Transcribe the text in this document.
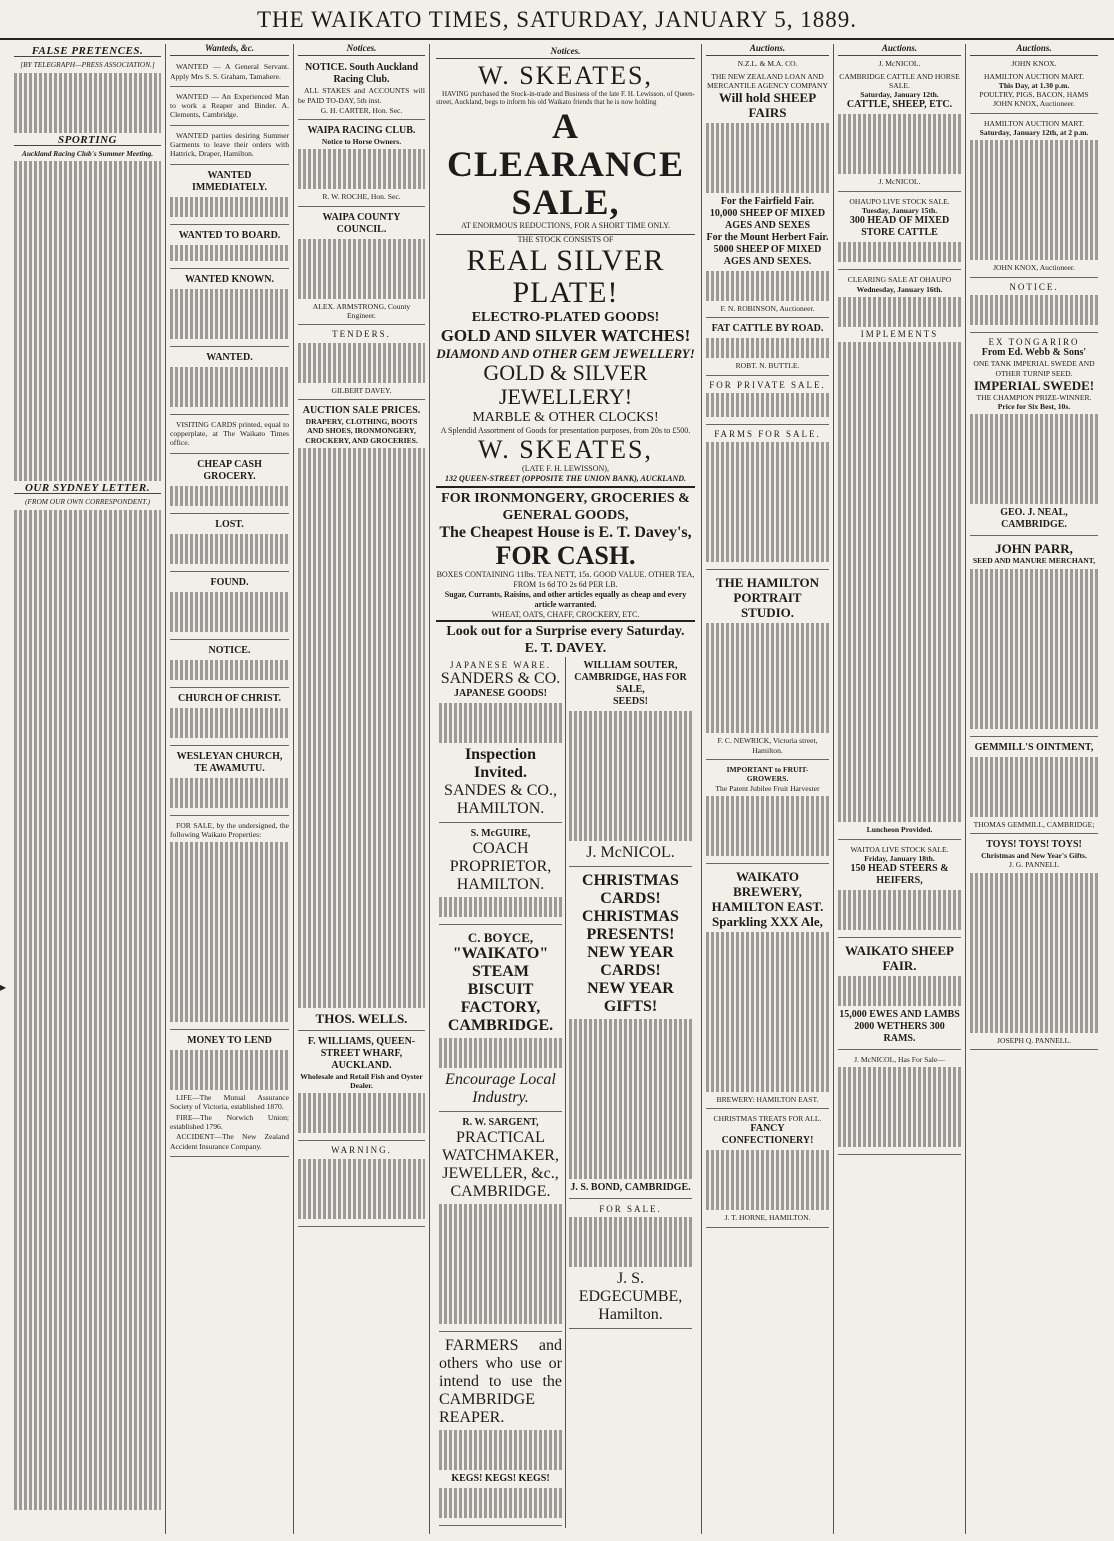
THE WAIKATO TIMES, SATURDAY, JANUARY 5, 1889.
FALSE PRETENCES.
[BY TELEGRAPH—PRESS ASSOCIATION.]
SPORTING
Auckland Racing Club's Summer Meeting.
OUR SYDNEY LETTER.
(FROM OUR OWN CORRESPONDENT.)
Wanteds, &c.
WANTED — A General Servant. Apply Mrs S. S. Graham, Tamahere.
WANTED — An Experienced Man to work a Reaper and Binder. A. Clements, Cambridge.
WANTED parties desiring Summer Garments to leave their orders with Hattrick, Draper, Hamilton.
WANTED IMMEDIATELY.
WANTED TO BOARD.
WANTED KNOWN.
WANTED.
VISITING CARDS printed, equal to copperplate, at The Waikato Times office.
CHEAP CASH GROCERY.
LOST.
FOUND.
NOTICE.
CHURCH OF CHRIST.
WESLEYAN CHURCH, TE AWAMUTU.
FOR SALE, by the undersigned, the following Waikato Properties:
MONEY TO LEND
LIFE—The Mutual Assurance Society of Victoria, established 1870.
FIRE—The Norwich Union; established 1796.
ACCIDENT—The New Zealand Accident Insurance Company.
Notices.
NOTICE. South Auckland Racing Club.
ALL STAKES and ACCOUNTS will be PAID TO-DAY, 5th inst.
G. H. CARTER, Hon. Sec.
WAIPA RACING CLUB.
Notice to Horse Owners.
R. W. ROCHE, Hon. Sec.
WAIPA COUNTY COUNCIL.
ALEX. ARMSTRONG, County Engineer.
TENDERS.
GILBERT DAVEY.
AUCTION SALE PRICES.
DRAPERY, CLOTHING, BOOTS AND SHOES, IRONMONGERY, CROCKERY, AND GROCERIES.
THOS. WELLS.
F. WILLIAMS, QUEEN-STREET WHARF, AUCKLAND.
Wholesale and Retail Fish and Oyster Dealer.
WARNING.
Notices.
W. SKEATES,
HAVING purchased the Stock-in-trade and Business of the late F. H. Lewisson, of Queen-street, Auckland, begs to inform his old Waikato friends that he is now holding
A CLEARANCE SALE,
AT ENORMOUS REDUCTIONS, FOR A SHORT TIME ONLY.
THE STOCK CONSISTS OF
REAL SILVER PLATE!
ELECTRO-PLATED GOODS!
GOLD AND SILVER WATCHES!
DIAMOND AND OTHER GEM JEWELLERY!
GOLD & SILVER JEWELLERY!
MARBLE & OTHER CLOCKS!
A Splendid Assortment of Goods for presentation purposes, from 20s to £500.
W. SKEATES,
(LATE F. H. LEWISSON),
132 QUEEN-STREET (OPPOSITE THE UNION BANK), AUCKLAND.
FOR IRONMONGERY, GROCERIES & GENERAL GOODS,
The Cheapest House is E. T. Davey's,
FOR CASH.
BOXES CONTAINING 11lbs. TEA NETT, 15s. GOOD VALUE. OTHER TEA, FROM 1s 6d TO 2s 6d PER LB.
Sugar, Currants, Raisins, and other articles equally as cheap and every article warranted.
WHEAT, OATS, CHAFF, CROCKERY, ETC.
Look out for a Surprise every Saturday.
E. T. DAVEY.
JAPANESE WARE.
SANDERS & CO.
JAPANESE GOODS!
Inspection Invited.
SANDES & CO., HAMILTON.
S. McGUIRE,
COACH PROPRIETOR,
HAMILTON.
C. BOYCE,
"WAIKATO" STEAM BISCUIT FACTORY, CAMBRIDGE.
Encourage Local Industry.
R. W. SARGENT,
PRACTICAL WATCHMAKER, JEWELLER, &c., CAMBRIDGE.
FARMERS and others who use or intend to use the CAMBRIDGE REAPER.
KEGS! KEGS! KEGS!
WILLIAM SOUTER, CAMBRIDGE, HAS FOR SALE,
SEEDS!
J. McNICOL.
CHRISTMAS CARDS!
CHRISTMAS PRESENTS!
NEW YEAR CARDS!
NEW YEAR GIFTS!
J. S. BOND, CAMBRIDGE.
FOR SALE.
J. S. EDGECUMBE, Hamilton.
Auctions.
N.Z.L. & M.A. CO.
THE NEW ZEALAND LOAN AND MERCANTILE AGENCY COMPANY
Will hold SHEEP FAIRS
For the Fairfield Fair. 10,000 SHEEP OF MIXED AGES AND SEXES
For the Mount Herbert Fair. 5000 SHEEP OF MIXED AGES AND SEXES.
F. N. ROBINSON, Auctioneer.
FAT CATTLE BY ROAD.
ROBT. N. BUTTLE.
FOR PRIVATE SALE.
FARMS FOR SALE.
THE HAMILTON PORTRAIT STUDIO.
F. C. NEWRICK, Victoria street, Hamilton.
IMPORTANT to FRUIT-GROWERS.
The Patent Jubilee Fruit Harvester
WAIKATO BREWERY, HAMILTON EAST.
Sparkling XXX Ale,
BREWERY: HAMILTON EAST.
CHRISTMAS TREATS FOR ALL.
FANCY CONFECTIONERY!
J. T. HORNE, HAMILTON.
Auctions.
J. McNICOL.
CAMBRIDGE CATTLE AND HORSE SALE.
Saturday, January 12th.
CATTLE, SHEEP, ETC.
J. McNICOL.
OHAUPO LIVE STOCK SALE.
Tuesday, January 15th.
300 HEAD OF MIXED STORE CATTLE
CLEARING SALE AT OHAUPO
Wednesday, January 16th.
IMPLEMENTS
Luncheon Provided.
WAITOA LIVE STOCK SALE.
Friday, January 18th.
150 HEAD STEERS & HEIFERS,
WAIKATO SHEEP FAIR.
15,000 EWES AND LAMBS 2000 WETHERS 300 RAMS.
J. McNICOL, Has For Sale—
Auctions.
JOHN KNOX.
HAMILTON AUCTION MART.
This Day, at 1.30 p.m.
POULTRY, PIGS, BACON, HAMS
JOHN KNOX, Auctioneer.
HAMILTON AUCTION MART.
Saturday, January 12th, at 2 p.m.
JOHN KNOX, Auctioneer.
NOTICE.
EX TONGARIRO
From Ed. Webb & Sons'
ONE TANK IMPERIAL SWEDE AND OTHER TURNIP SEED.
IMPERIAL SWEDE!
THE CHAMPION PRIZE-WINNER.
Price for Six Best, 10s.
GEO. J. NEAL, CAMBRIDGE.
JOHN PARR,
SEED AND MANURE MERCHANT,
GEMMILL'S OINTMENT,
THOMAS GEMMILL, CAMBRIDGE;
TOYS! TOYS! TOYS!
Christmas and New Year's Gifts.
J. G. PANNELL
JOSEPH Q. PANNELL.
▸
